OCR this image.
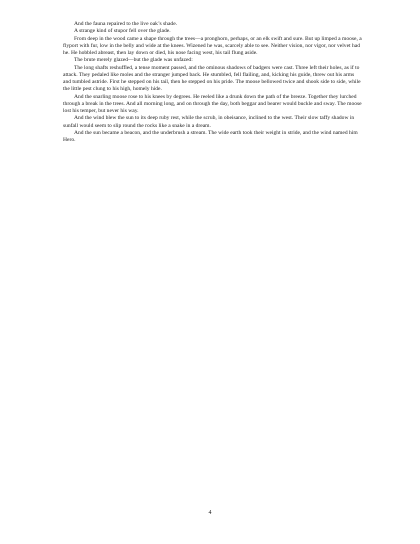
And the fauna repaired to the live oak’s shade.

A strange kind of stupor fell over the glade.

From deep in the wood came a shape through the trees—a pronghorn, perhaps, or an elk swift and sure. But up limped a moose, a flyport with fur, low in the belly and wide at the knees. Wizened he was, scarcely able to see. Neither vision, nor vigor, nor velvet had he. He hobbled abreast, then lay down or died, his nose facing west, his tail flung aside.

The brute merely glazed—but the glade was unfazed:

The long shafts reshuffled, a tense moment passed, and the ominous shadows of badgers were cast. Three left their holes, as if to attack. They pedaled like moles and the stranger jumped back. He stumbled, fell flailing, and, kicking his guide, threw out his arms and tumbled astride. First he stepped on his tail, then he stepped on his pride. The moose bellowed twice and shook side to side, while the little pest clung to his high, homely hide.

And the snarling moose rose to his knees by degrees. He reeled like a drunk down the path of the breeze. Together they lurched through a break in the trees. And all morning long, and on through the day, both beggar and bearer would buckle and sway. The moose lost his temper, but never his way.

And the wind blew the sun to its deep ruby rest, while the scrub, in obeisance, inclined to the west. Their slow taffy shadow in sunfall would seem to slip round the rocks like a snake in a dream.

And the sun became a beacon, and the underbrush a stream. The wide earth took their weight in stride, and the wind named him Hero.

4
